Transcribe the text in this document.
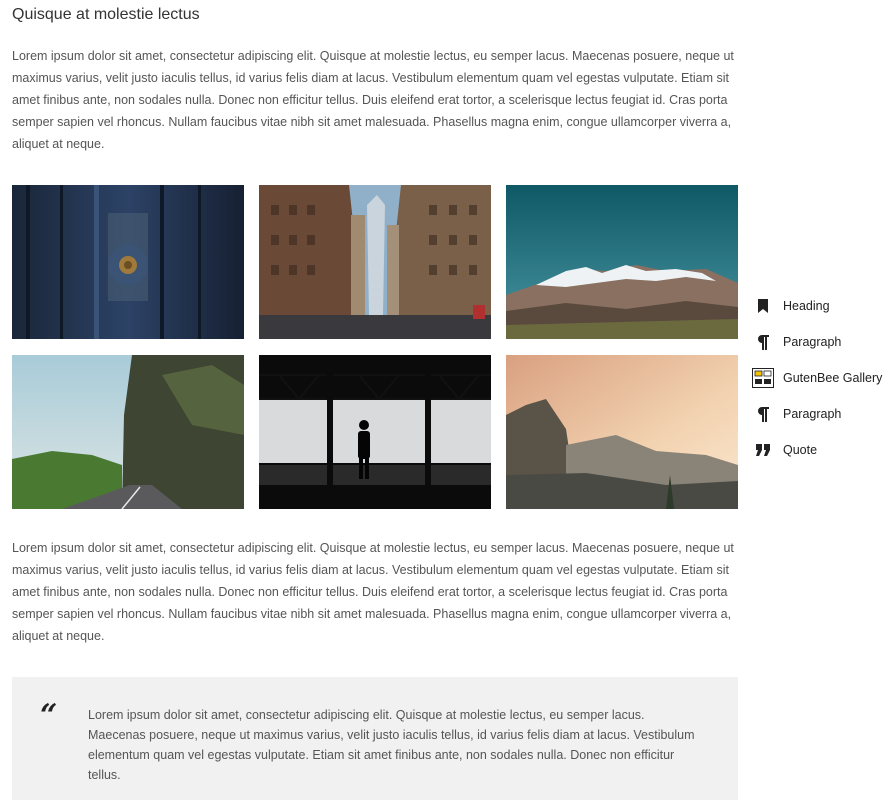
Quisque at molestie lectus

Lorem ipsum dolor sit amet, consectetur adipiscing elit. Quisque at molestie lectus, eu semper lacus. Maecenas posuere, neque ut maximus varius, velit justo iaculis tellus, id varius felis diam at lacus. Vestibulum elementum quam vel egestas vulputate. Etiam sit amet finibus ante, non sodales nulla. Donec non efficitur tellus. Duis eleifend erat tortor, a scelerisque lectus feugiat id. Cras porta semper sapien vel rhoncus. Nullam faucibus vitae nibh sit amet malesuada. Phasellus magna enim, congue ullamcorper viverra a, aliquet at neque.

Lorem ipsum dolor sit amet, consectetur adipiscing elit. Quisque at molestie lectus, eu semper lacus. Maecenas posuere, neque ut maximus varius, velit justo iaculis tellus, id varius felis diam at lacus. Vestibulum elementum quam vel egestas vulputate. Etiam sit amet finibus ante, non sodales nulla. Donec non efficitur tellus. Duis eleifend erat tortor, a scelerisque lectus feugiat id. Cras porta semper sapien vel rhoncus. Nullam faucibus vitae nibh sit amet malesuada. Phasellus magna enim, congue ullamcorper viverra a, aliquet at neque.

“ Lorem ipsum dolor sit amet, consectetur adipiscing elit. Quisque at molestie lectus, eu semper lacus. Maecenas posuere, neque ut maximus varius, velit justo iaculis tellus, id varius felis diam at lacus. Vestibulum elementum quam vel egestas vulputate. Etiam sit amet finibus ante, non sodales nulla. Donec non efficitur tellus.

Heading
Paragraph
GutenBee Gallery
Paragraph
Quote
